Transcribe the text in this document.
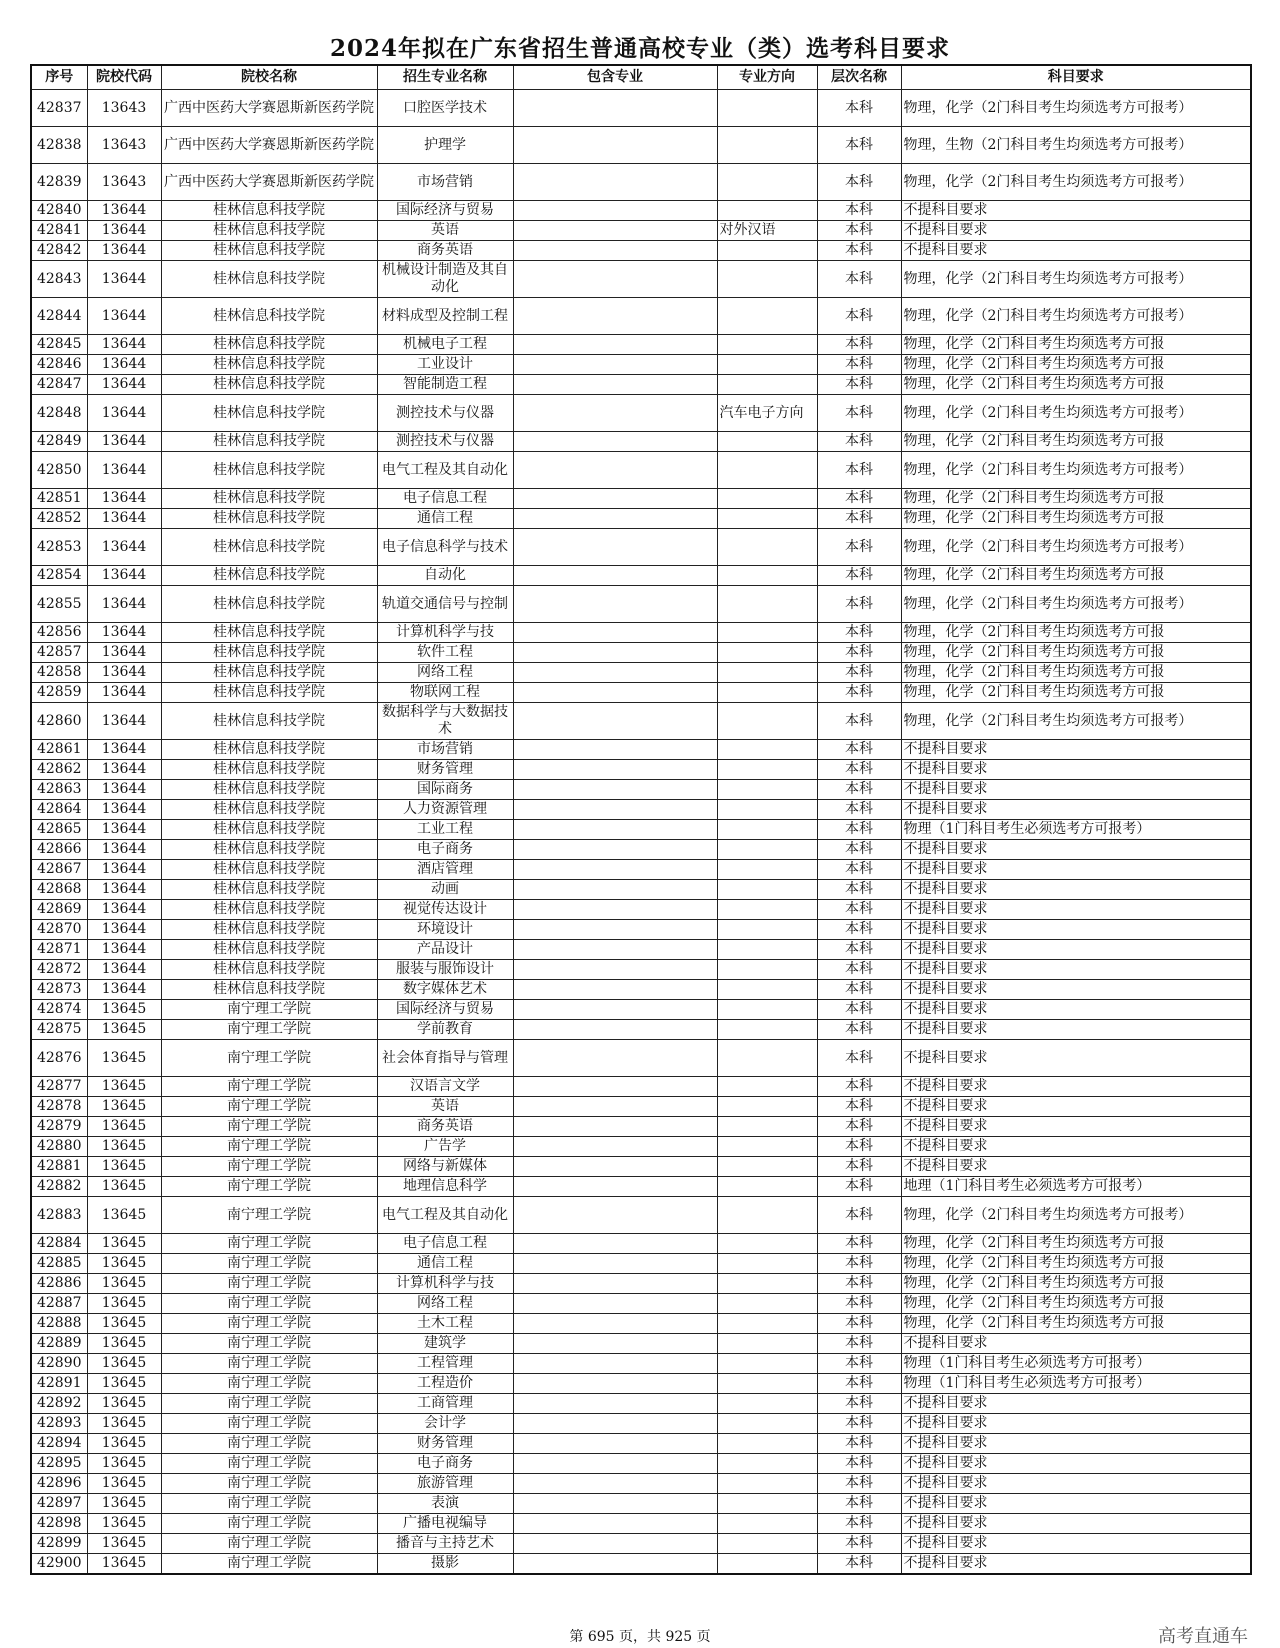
2024年拟在广东省招生普通高校专业（类）选考科目要求
序号	院校代码	院校名称	招生专业名称	包含专业	专业方向	层次名称	科目要求
42837	13643	广西中医药大学赛恩斯新医药学院	口腔医学技术			本科	物理，化学（2门科目考生均须选考方可报考）
42838	13643	广西中医药大学赛恩斯新医药学院	护理学			本科	物理，生物（2门科目考生均须选考方可报考）
42839	13643	广西中医药大学赛恩斯新医药学院	市场营销			本科	物理，化学（2门科目考生均须选考方可报考）
42840	13644	桂林信息科技学院	国际经济与贸易			本科	不提科目要求
42841	13644	桂林信息科技学院	英语		对外汉语	本科	不提科目要求
42842	13644	桂林信息科技学院	商务英语			本科	不提科目要求
42843	13644	桂林信息科技学院	机械设计制造及其自动化			本科	物理，化学（2门科目考生均须选考方可报考）
42844	13644	桂林信息科技学院	材料成型及控制工程			本科	物理，化学（2门科目考生均须选考方可报考）
42845	13644	桂林信息科技学院	机械电子工程			本科	物理，化学（2门科目考生均须选考方可报
42846	13644	桂林信息科技学院	工业设计			本科	物理，化学（2门科目考生均须选考方可报
42847	13644	桂林信息科技学院	智能制造工程			本科	物理，化学（2门科目考生均须选考方可报
42848	13644	桂林信息科技学院	测控技术与仪器		汽车电子方向	本科	物理，化学（2门科目考生均须选考方可报考）
42849	13644	桂林信息科技学院	测控技术与仪器			本科	物理，化学（2门科目考生均须选考方可报
42850	13644	桂林信息科技学院	电气工程及其自动化			本科	物理，化学（2门科目考生均须选考方可报考）
42851	13644	桂林信息科技学院	电子信息工程			本科	物理，化学（2门科目考生均须选考方可报
42852	13644	桂林信息科技学院	通信工程			本科	物理，化学（2门科目考生均须选考方可报
42853	13644	桂林信息科技学院	电子信息科学与技术			本科	物理，化学（2门科目考生均须选考方可报考）
42854	13644	桂林信息科技学院	自动化			本科	物理，化学（2门科目考生均须选考方可报
42855	13644	桂林信息科技学院	轨道交通信号与控制			本科	物理，化学（2门科目考生均须选考方可报考）
42856	13644	桂林信息科技学院	计算机科学与技			本科	物理，化学（2门科目考生均须选考方可报
42857	13644	桂林信息科技学院	软件工程			本科	物理，化学（2门科目考生均须选考方可报
42858	13644	桂林信息科技学院	网络工程			本科	物理，化学（2门科目考生均须选考方可报
42859	13644	桂林信息科技学院	物联网工程			本科	物理，化学（2门科目考生均须选考方可报
42860	13644	桂林信息科技学院	数据科学与大数据技术			本科	物理，化学（2门科目考生均须选考方可报考）
42861	13644	桂林信息科技学院	市场营销			本科	不提科目要求
42862	13644	桂林信息科技学院	财务管理			本科	不提科目要求
42863	13644	桂林信息科技学院	国际商务			本科	不提科目要求
42864	13644	桂林信息科技学院	人力资源管理			本科	不提科目要求
42865	13644	桂林信息科技学院	工业工程			本科	物理（1门科目考生必须选考方可报考）
42866	13644	桂林信息科技学院	电子商务			本科	不提科目要求
42867	13644	桂林信息科技学院	酒店管理			本科	不提科目要求
42868	13644	桂林信息科技学院	动画			本科	不提科目要求
42869	13644	桂林信息科技学院	视觉传达设计			本科	不提科目要求
42870	13644	桂林信息科技学院	环境设计			本科	不提科目要求
42871	13644	桂林信息科技学院	产品设计			本科	不提科目要求
42872	13644	桂林信息科技学院	服装与服饰设计			本科	不提科目要求
42873	13644	桂林信息科技学院	数字媒体艺术			本科	不提科目要求
42874	13645	南宁理工学院	国际经济与贸易			本科	不提科目要求
42875	13645	南宁理工学院	学前教育			本科	不提科目要求
42876	13645	南宁理工学院	社会体育指导与管理			本科	不提科目要求
42877	13645	南宁理工学院	汉语言文学			本科	不提科目要求
42878	13645	南宁理工学院	英语			本科	不提科目要求
42879	13645	南宁理工学院	商务英语			本科	不提科目要求
42880	13645	南宁理工学院	广告学			本科	不提科目要求
42881	13645	南宁理工学院	网络与新媒体			本科	不提科目要求
42882	13645	南宁理工学院	地理信息科学			本科	地理（1门科目考生必须选考方可报考）
42883	13645	南宁理工学院	电气工程及其自动化			本科	物理，化学（2门科目考生均须选考方可报考）
42884	13645	南宁理工学院	电子信息工程			本科	物理，化学（2门科目考生均须选考方可报
42885	13645	南宁理工学院	通信工程			本科	物理，化学（2门科目考生均须选考方可报
42886	13645	南宁理工学院	计算机科学与技			本科	物理，化学（2门科目考生均须选考方可报
42887	13645	南宁理工学院	网络工程			本科	物理，化学（2门科目考生均须选考方可报
42888	13645	南宁理工学院	土木工程			本科	物理，化学（2门科目考生均须选考方可报
42889	13645	南宁理工学院	建筑学			本科	不提科目要求
42890	13645	南宁理工学院	工程管理			本科	物理（1门科目考生必须选考方可报考）
42891	13645	南宁理工学院	工程造价			本科	物理（1门科目考生必须选考方可报考）
42892	13645	南宁理工学院	工商管理			本科	不提科目要求
42893	13645	南宁理工学院	会计学			本科	不提科目要求
42894	13645	南宁理工学院	财务管理			本科	不提科目要求
42895	13645	南宁理工学院	电子商务			本科	不提科目要求
42896	13645	南宁理工学院	旅游管理			本科	不提科目要求
42897	13645	南宁理工学院	表演			本科	不提科目要求
42898	13645	南宁理工学院	广播电视编导			本科	不提科目要求
42899	13645	南宁理工学院	播音与主持艺术			本科	不提科目要求
42900	13645	南宁理工学院	摄影			本科	不提科目要求
第 695 页，共 925 页	高考直通车
